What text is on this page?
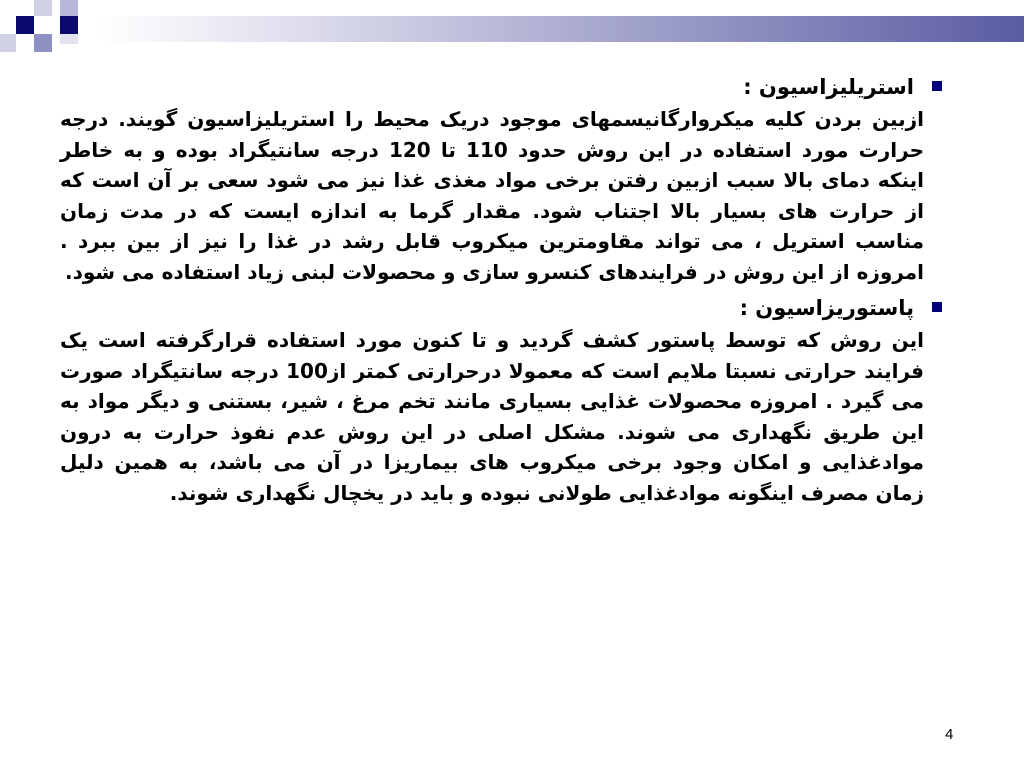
استریلیزاسیون :

ازبین بردن کلیه میکروارگانیسمهای موجود دریک محیط را استریلیزاسیون گویند. درجه حرارت مورد استفاده در این روش حدود 110 تا 120 درجه سانتیگراد بوده و به خاطر اینکه دمای بالا سبب ازبین رفتن برخی مواد مغذی غذا نیز می شود سعی بر آن است که از حرارت های بسیار بالا اجتناب شود. مقدار گرما به اندازه ایست که در مدت زمان مناسب استریل ، می تواند مقاومترین میکروب قابل رشد در غذا را نیز از بین ببرد . امروزه از این روش در فرایندهای کنسرو سازی و محصولات لبنی زیاد استفاده می شود.

پاستوریزاسیون :

این روش که توسط پاستور کشف گردید و تا کنون مورد استفاده قرارگرفته است یک فرایند حرارتی نسبتا ملایم است که معمولا درحرارتی کمتر از100 درجه سانتیگراد صورت می گیرد . امروزه محصولات غذایی بسیاری مانند تخم مرغ ، شیر، بستنی و دیگر مواد به این طریق نگهداری می شوند. مشکل اصلی در این روش عدم نفوذ حرارت به درون موادغذایی و امکان وجود برخی میکروب های بیماریزا در آن می باشد، به همین دلیل زمان مصرف اینگونه موادغذایی طولانی نبوده و باید در یخچال نگهداری شوند.

4
